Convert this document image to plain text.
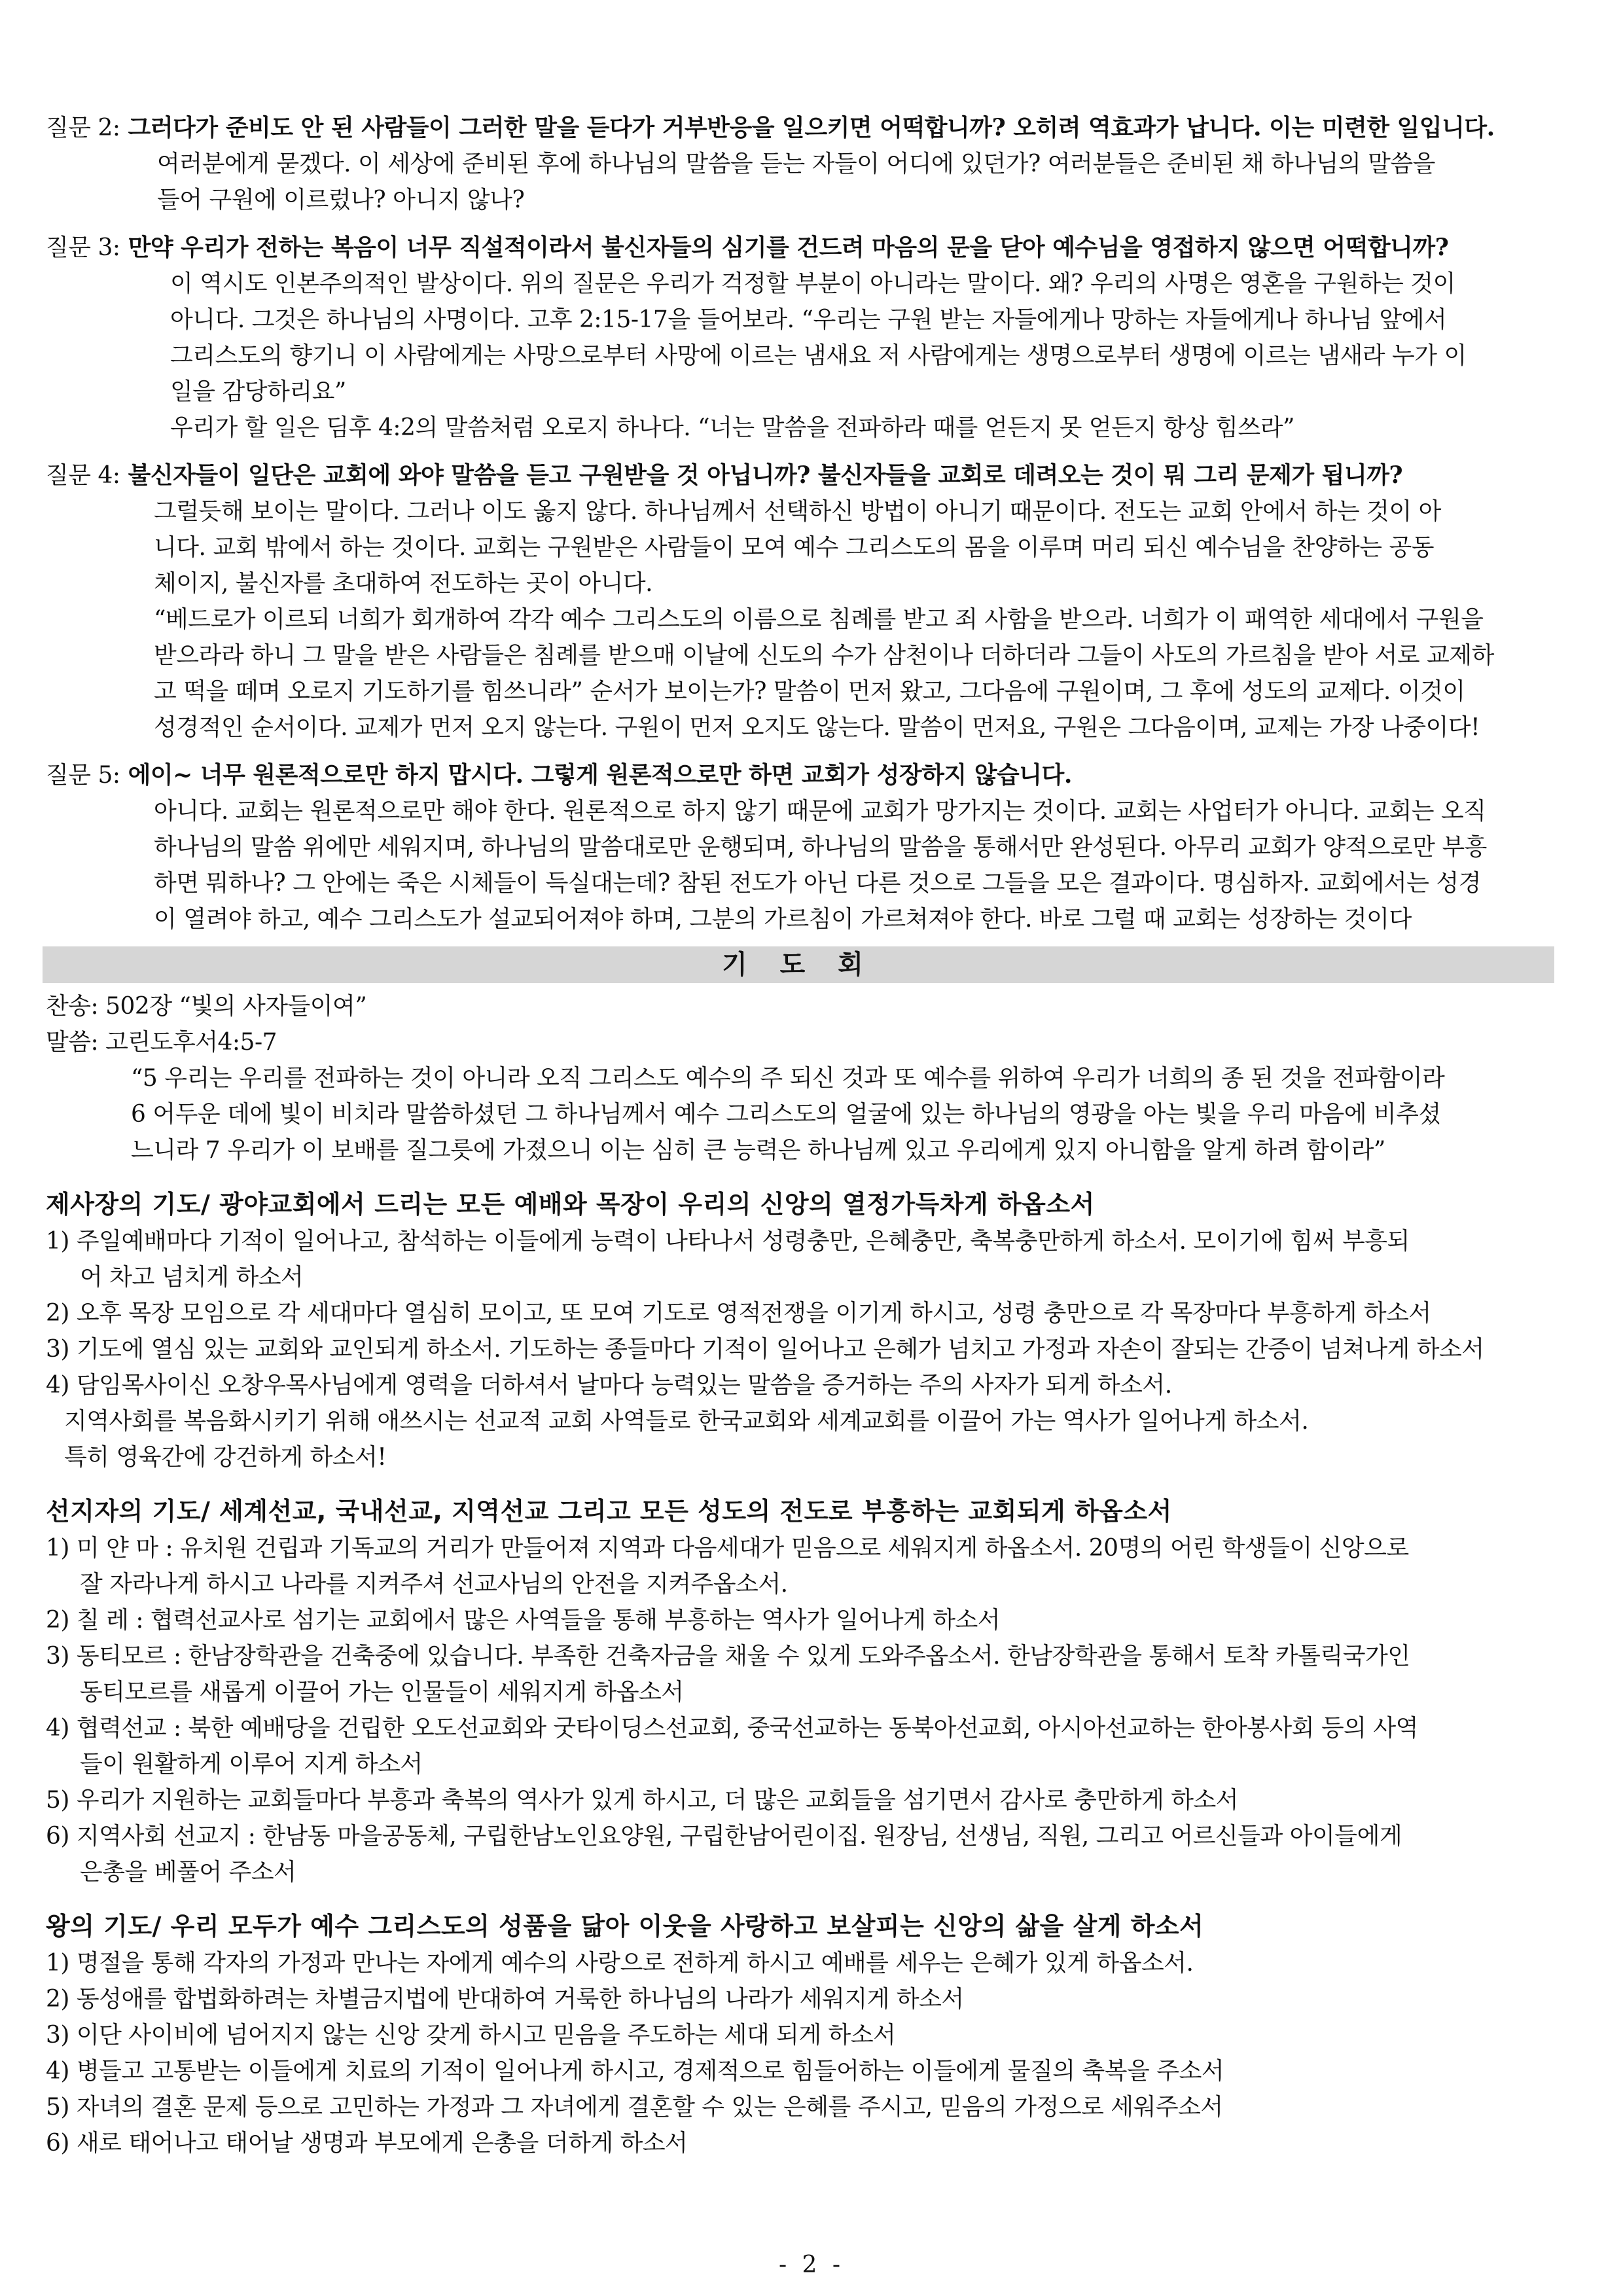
질문 2: 그러다가 준비도 안 된 사람들이 그러한 말을 듣다가 거부반응을 일으키면 어떡합니까? 오히려 역효과가 납니다. 이는 미련한 일입니다.
여러분에게 묻겠다. 이 세상에 준비된 후에 하나님의 말씀을 듣는 자들이 어디에 있던가? 여러분들은 준비된 채 하나님의 말씀을
들어 구원에 이르렀나? 아니지 않나?
질문 3: 만약 우리가 전하는 복음이 너무 직설적이라서 불신자들의 심기를 건드려 마음의 문을 닫아 예수님을 영접하지 않으면 어떡합니까?
이 역시도 인본주의적인 발상이다. 위의 질문은 우리가 걱정할 부분이 아니라는 말이다. 왜? 우리의 사명은 영혼을 구원하는 것이
아니다. 그것은 하나님의 사명이다. 고후 2:15-17을 들어보라. “우리는 구원 받는 자들에게나 망하는 자들에게나 하나님 앞에서
그리스도의 향기니 이 사람에게는 사망으로부터 사망에 이르는 냄새요 저 사람에게는 생명으로부터 생명에 이르는 냄새라 누가 이
일을 감당하리요”
우리가 할 일은 딤후 4:2의 말씀처럼 오로지 하나다. “너는 말씀을 전파하라 때를 얻든지 못 얻든지 항상 힘쓰라”
질문 4: 불신자들이 일단은 교회에 와야 말씀을 듣고 구원받을 것 아닙니까? 불신자들을 교회로 데려오는 것이 뭐 그리 문제가 됩니까?
그럴듯해 보이는 말이다. 그러나 이도 옳지 않다. 하나님께서 선택하신 방법이 아니기 때문이다. 전도는 교회 안에서 하는 것이 아
니다. 교회 밖에서 하는 것이다. 교회는 구원받은 사람들이 모여 예수 그리스도의 몸을 이루며 머리 되신 예수님을 찬양하는 공동
체이지, 불신자를 초대하여 전도하는 곳이 아니다.
“베드로가 이르되 너희가 회개하여 각각 예수 그리스도의 이름으로 침례를 받고 죄 사함을 받으라. 너희가 이 패역한 세대에서 구원을
받으라라 하니 그 말을 받은 사람들은 침례를 받으매 이날에 신도의 수가 삼천이나 더하더라 그들이 사도의 가르침을 받아 서로 교제하
고 떡을 떼며 오로지 기도하기를 힘쓰니라” 순서가 보이는가? 말씀이 먼저 왔고, 그다음에 구원이며, 그 후에 성도의 교제다. 이것이
성경적인 순서이다. 교제가 먼저 오지 않는다. 구원이 먼저 오지도 않는다. 말씀이 먼저요, 구원은 그다음이며, 교제는 가장 나중이다!
질문 5: 에이~ 너무 원론적으로만 하지 맙시다. 그렇게 원론적으로만 하면 교회가 성장하지 않습니다.
아니다. 교회는 원론적으로만 해야 한다. 원론적으로 하지 않기 때문에 교회가 망가지는 것이다. 교회는 사업터가 아니다. 교회는 오직
하나님의 말씀 위에만 세워지며, 하나님의 말씀대로만 운행되며, 하나님의 말씀을 통해서만 완성된다. 아무리 교회가 양적으로만 부흥
하면 뭐하나? 그 안에는 죽은 시체들이 득실대는데? 참된 전도가 아닌 다른 것으로 그들을 모은 결과이다. 명심하자. 교회에서는 성경
이 열려야 하고, 예수 그리스도가 설교되어져야 하며, 그분의 가르침이 가르쳐져야 한다. 바로 그럴 때 교회는 성장하는 것이다
기 도 회
찬송: 502장 “빛의 사자들이여”
말씀: 고린도후서4:5-7
“5 우리는 우리를 전파하는 것이 아니라 오직 그리스도 예수의 주 되신 것과 또 예수를 위하여 우리가 너희의 종 된 것을 전파함이라
6 어두운 데에 빛이 비치라 말씀하셨던 그 하나님께서 예수 그리스도의 얼굴에 있는 하나님의 영광을 아는 빛을 우리 마음에 비추셨
느니라 7 우리가 이 보배를 질그릇에 가졌으니 이는 심히 큰 능력은 하나님께 있고 우리에게 있지 아니함을 알게 하려 함이라”
제사장의 기도/ 광야교회에서 드리는 모든 예배와 목장이 우리의 신앙의 열정가득차게 하옵소서
1) 주일예배마다 기적이 일어나고, 참석하는 이들에게 능력이 나타나서 성령충만, 은혜충만, 축복충만하게 하소서. 모이기에 힘써 부흥되
어 차고 넘치게 하소서
2) 오후 목장 모임으로 각 세대마다 열심히 모이고, 또 모여 기도로 영적전쟁을 이기게 하시고, 성령 충만으로 각 목장마다 부흥하게 하소서
3) 기도에 열심 있는 교회와 교인되게 하소서. 기도하는 종들마다 기적이 일어나고 은혜가 넘치고 가정과 자손이 잘되는 간증이 넘쳐나게 하소서
4) 담임목사이신 오창우목사님에게 영력을 더하셔서 날마다 능력있는 말씀을 증거하는 주의 사자가 되게 하소서.
지역사회를 복음화시키기 위해 애쓰시는 선교적 교회 사역들로 한국교회와 세계교회를 이끌어 가는 역사가 일어나게 하소서.
특히 영육간에 강건하게 하소서!
선지자의 기도/ 세계선교, 국내선교, 지역선교 그리고 모든 성도의 전도로 부흥하는 교회되게 하옵소서
1) 미 얀 마 : 유치원 건립과 기독교의 거리가 만들어져 지역과 다음세대가 믿음으로 세워지게 하옵소서. 20명의 어린 학생들이 신앙으로
잘 자라나게 하시고 나라를 지켜주셔 선교사님의 안전을 지켜주옵소서.
2) 칠 레 : 협력선교사로 섬기는 교회에서 많은 사역들을 통해 부흥하는 역사가 일어나게 하소서
3) 동티모르 : 한남장학관을 건축중에 있습니다. 부족한 건축자금을 채울 수 있게 도와주옵소서. 한남장학관을 통해서 토착 카톨릭국가인
동티모르를 새롭게 이끌어 가는 인물들이 세워지게 하옵소서
4) 협력선교 : 북한 예배당을 건립한 오도선교회와 굿타이딩스선교회, 중국선교하는 동북아선교회, 아시아선교하는 한아봉사회 등의 사역
들이 원활하게 이루어 지게 하소서
5) 우리가 지원하는 교회들마다 부흥과 축복의 역사가 있게 하시고, 더 많은 교회들을 섬기면서 감사로 충만하게 하소서
6) 지역사회 선교지 : 한남동 마을공동체, 구립한남노인요양원, 구립한남어린이집. 원장님, 선생님, 직원, 그리고 어르신들과 아이들에게
은총을 베풀어 주소서
왕의 기도/ 우리 모두가 예수 그리스도의 성품을 닮아 이웃을 사랑하고 보살피는 신앙의 삶을 살게 하소서
1) 명절을 통해 각자의 가정과 만나는 자에게 예수의 사랑으로 전하게 하시고 예배를 세우는 은혜가 있게 하옵소서.
2) 동성애를 합법화하려는 차별금지법에 반대하여 거룩한 하나님의 나라가 세워지게 하소서
3) 이단 사이비에 넘어지지 않는 신앙 갖게 하시고 믿음을 주도하는 세대 되게 하소서
4) 병들고 고통받는 이들에게 치료의 기적이 일어나게 하시고, 경제적으로 힘들어하는 이들에게 물질의 축복을 주소서
5) 자녀의 결혼 문제 등으로 고민하는 가정과 그 자녀에게 결혼할 수 있는 은혜를 주시고, 믿음의 가정으로 세워주소서
6) 새로 태어나고 태어날 생명과 부모에게 은총을 더하게 하소서
- 2 -
